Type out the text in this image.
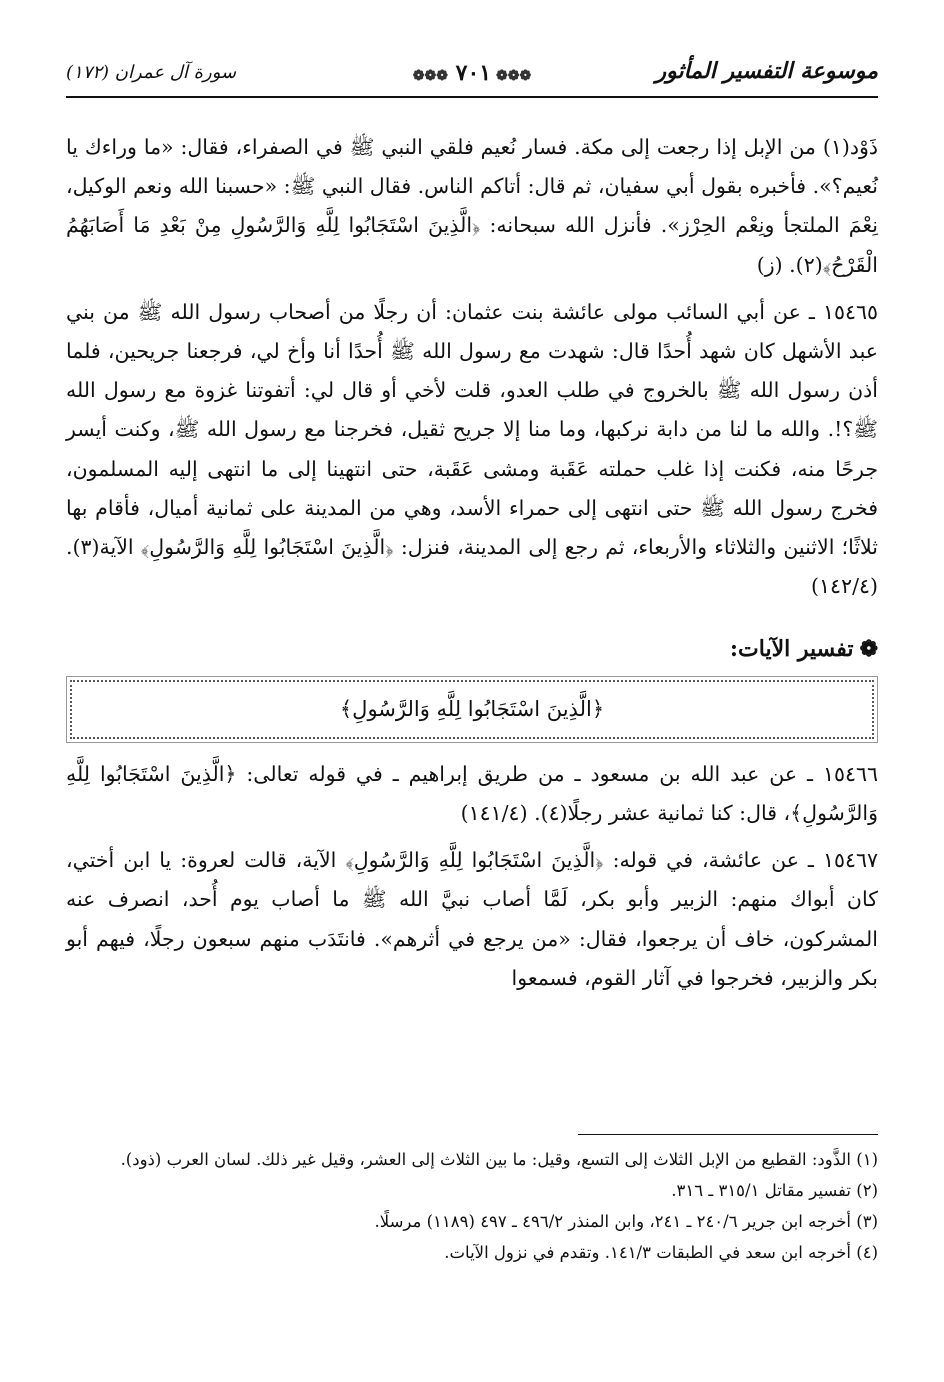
موسوعة التفسير المأثور
❁❁❁ ٧٠١ ❁❁❁
سورة آل عمران (١٧٢)

ذَوْد(١) من الإبل إذا رجعت إلى مكة. فسار نُعيم فلقي النبي ﷺ في الصفراء، فقال: «ما وراءك يا نُعيم؟». فأخبره بقول أبي سفيان، ثم قال: أتاكم الناس. فقال النبي ﷺ: «حسبنا الله ونعم الوكيل، نِعْمَ الملتجأ ونِعْم الحِرْز». فأنزل الله سبحانه: ﴿الَّذِينَ اسْتَجَابُوا لِلَّهِ وَالرَّسُولِ مِنْ بَعْدِ مَا أَصَابَهُمُ الْقَرْحُ﴾(٢). (ز)

١٥٤٦٥ ـ عن أبي السائب مولى عائشة بنت عثمان: أن رجلًا من أصحاب رسول الله ﷺ من بني عبد الأشهل كان شهد أُحدًا قال: شهدت مع رسول الله ﷺ أُحدًا أنا وأخ لي، فرجعنا جريحين، فلما أذن رسول الله ﷺ بالخروج في طلب العدو، قلت لأخي أو قال لي: أتفوتنا غزوة مع رسول الله ﷺ؟!. والله ما لنا من دابة نركبها، وما منا إلا جريح ثقيل، فخرجنا مع رسول الله ﷺ، وكنت أيسر جرحًا منه، فكنت إذا غلب حملته عَقَبة ومشى عَقَبة، حتى انتهينا إلى ما انتهى إليه المسلمون، فخرج رسول الله ﷺ حتى انتهى إلى حمراء الأسد، وهي من المدينة على ثمانية أميال، فأقام بها ثلاثًا؛ الاثنين والثلاثاء والأربعاء، ثم رجع إلى المدينة، فنزل: ﴿الَّذِينَ اسْتَجَابُوا لِلَّهِ وَالرَّسُولِ﴾ الآية(٣). (١٤٢/٤)

❁تفسير الآيات:
﴿الَّذِينَ اسْتَجَابُوا لِلَّهِ وَالرَّسُولِ﴾

١٥٤٦٦ ـ عن عبد الله بن مسعود ـ من طريق إبراهيم ـ في قوله تعالى: ﴿الَّذِينَ اسْتَجَابُوا لِلَّهِ وَالرَّسُولِ﴾، قال: كنا ثمانية عشر رجلًا(٤). (١٤١/٤)

١٥٤٦٧ ـ عن عائشة، في قوله: ﴿الَّذِينَ اسْتَجَابُوا لِلَّهِ وَالرَّسُولِ﴾ الآية، قالت لعروة: يا ابن أختي، كان أبواك منهم: الزبير وأبو بكر، لَمَّا أصاب نبيَّ الله ﷺ ما أصاب يوم أُحد، انصرف عنه المشركون، خاف أن يرجعوا، فقال: «من يرجع في أثرهم». فانتَدَب منهم سبعون رجلًا، فيهم أبو بكر والزبير، فخرجوا في آثار القوم، فسمعوا

(١) الذَّود: القطيع من الإبل الثلاث إلى التسع، وقيل: ما بين الثلاث إلى العشر، وقيل غير ذلك. لسان العرب (ذود).

(٢) تفسير مقاتل ٣١٥/١ ـ ٣١٦.

(٣) أخرجه ابن جرير ٢٤٠/٦ ـ ٢٤١، وابن المنذر ٤٩٦/٢ ـ ٤٩٧ (١١٨٩) مرسلًا.

(٤) أخرجه ابن سعد في الطبقات ١٤١/٣. وتقدم في نزول الآيات.
